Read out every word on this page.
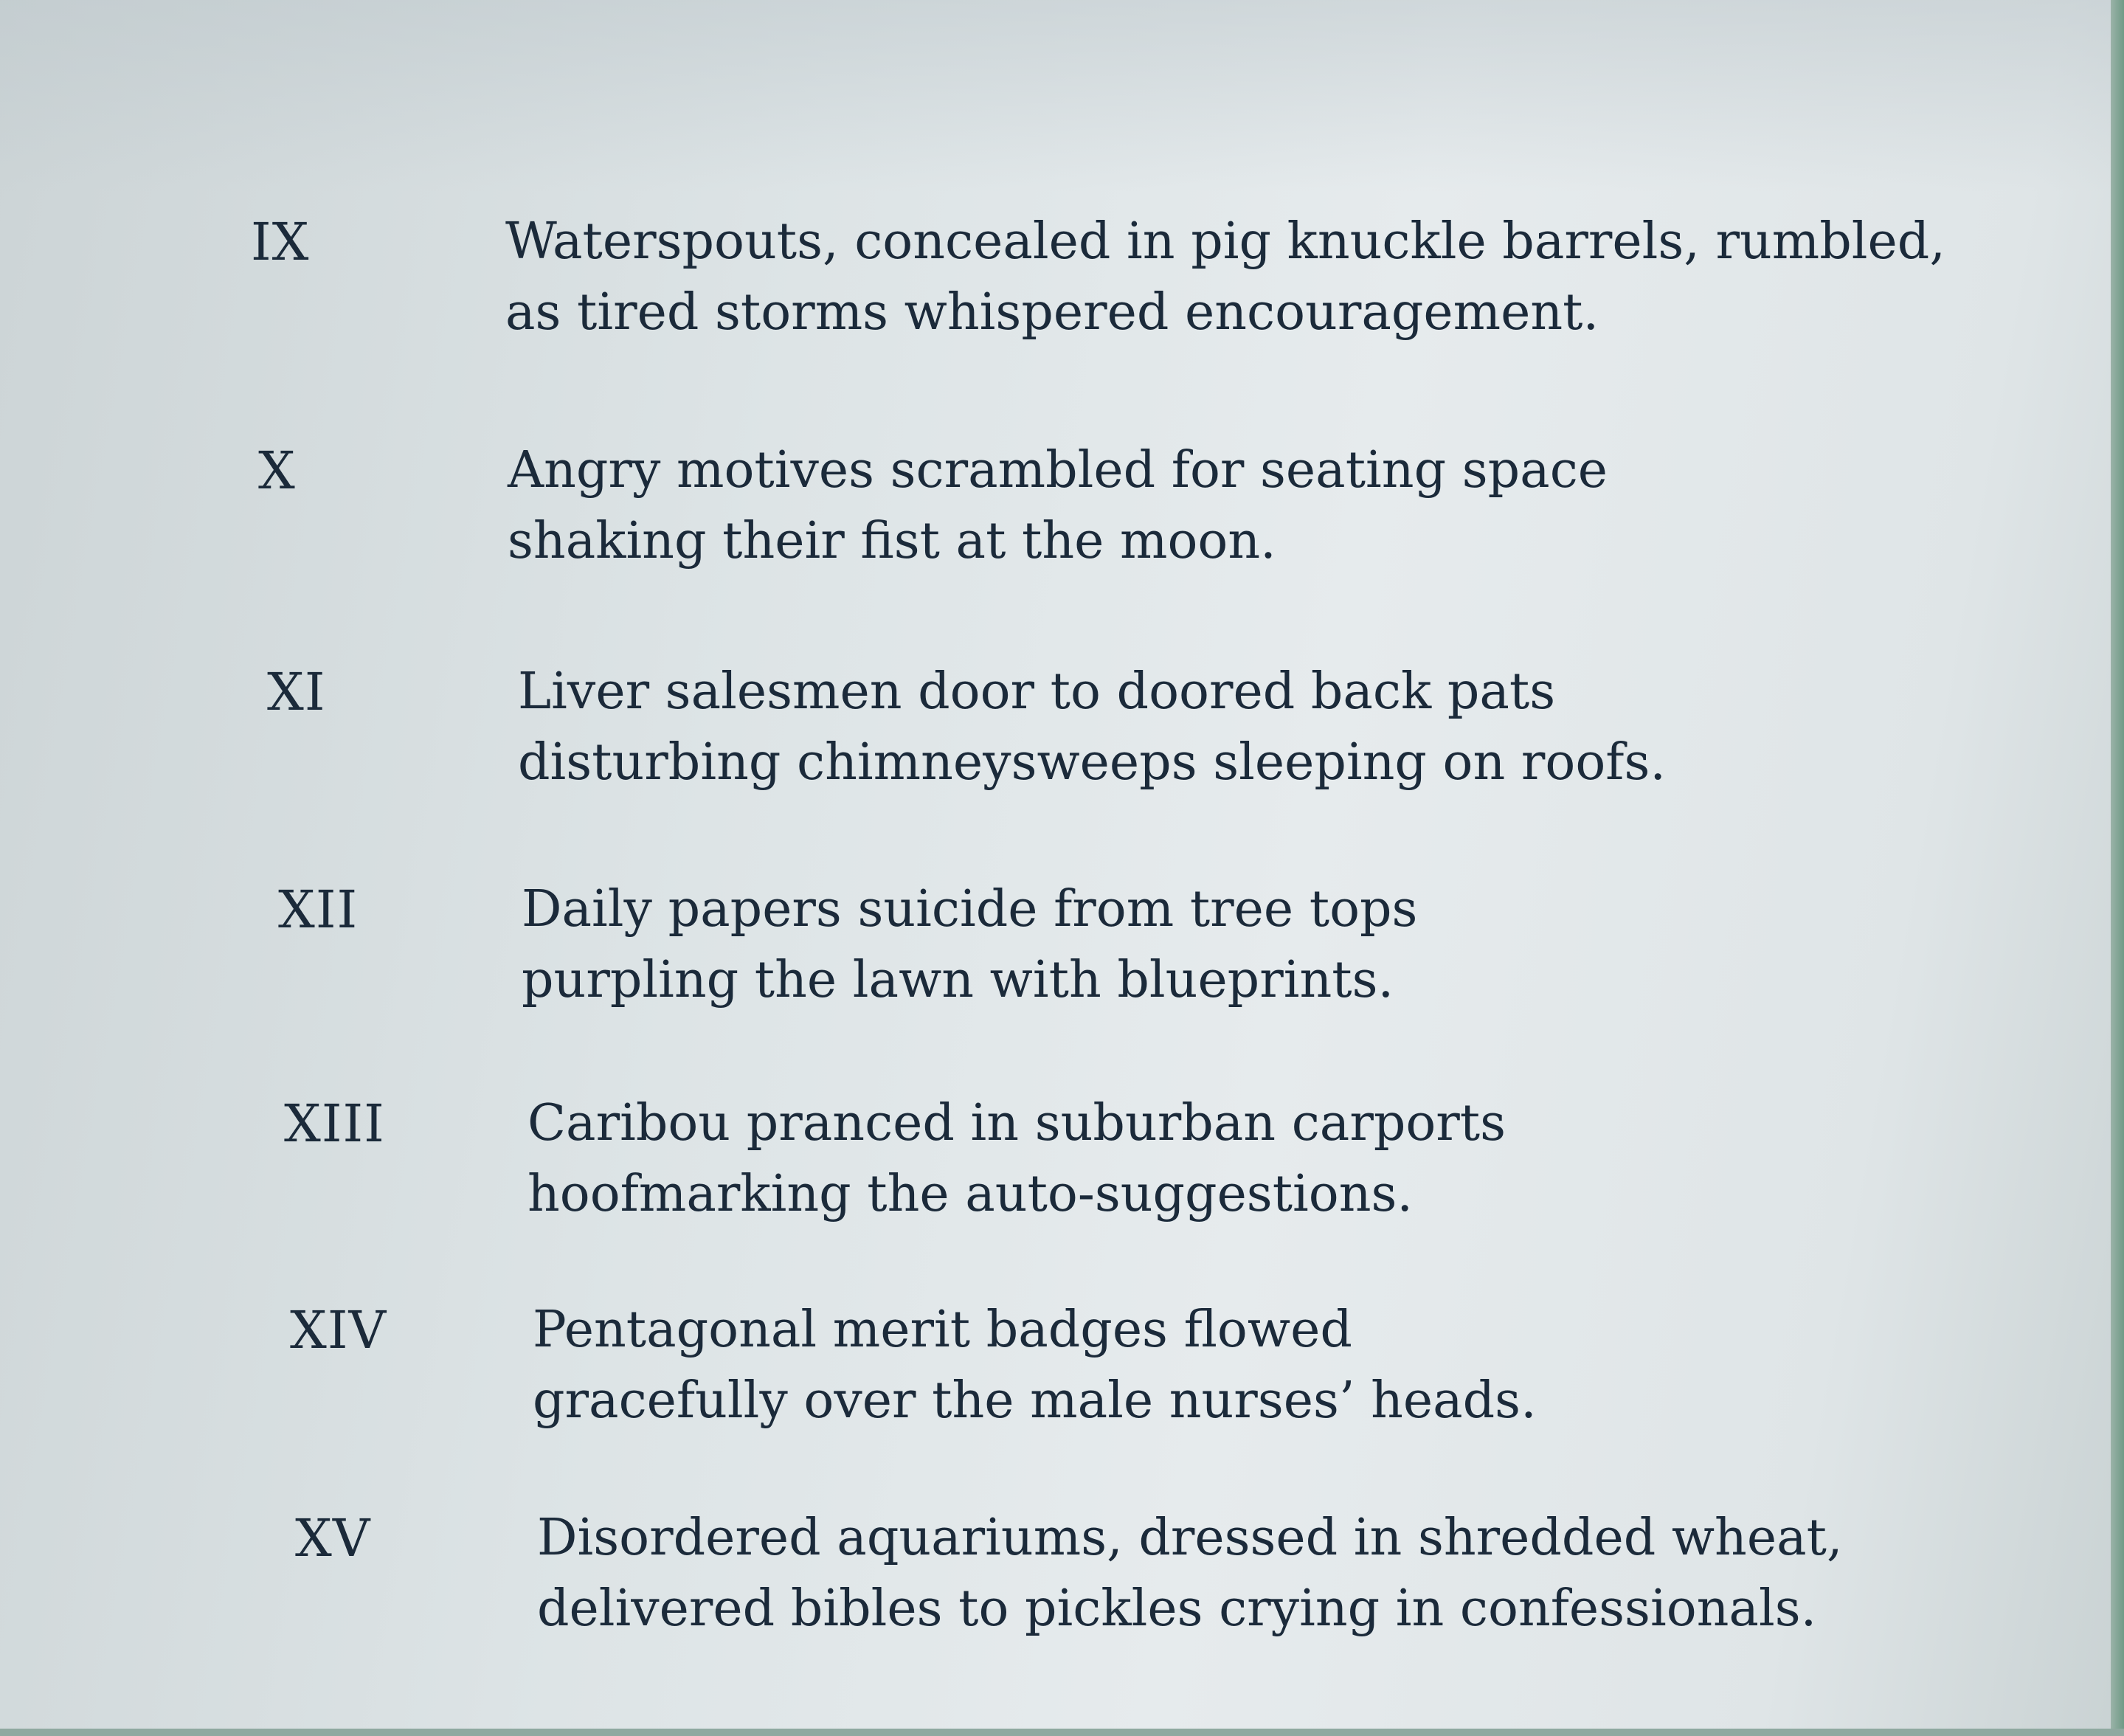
IX	Waterspouts, concealed in pig knuckle barrels, rumbled,
as tired storms whispered encouragement.
X	Angry motives scrambled for seating space
shaking their fist at the moon.
XI	Liver salesmen door to doored back pats
disturbing chimneysweeps sleeping on roofs.
XII	Daily papers suicide from tree tops
purpling the lawn with blueprints.
XIII	Caribou pranced in suburban carports
hoofmarking the auto-suggestions.
XIV	Pentagonal merit badges flowed
gracefully over the male nurses’ heads.
XV	Disordered aquariums, dressed in shredded wheat,
delivered bibles to pickles crying in confessionals.
